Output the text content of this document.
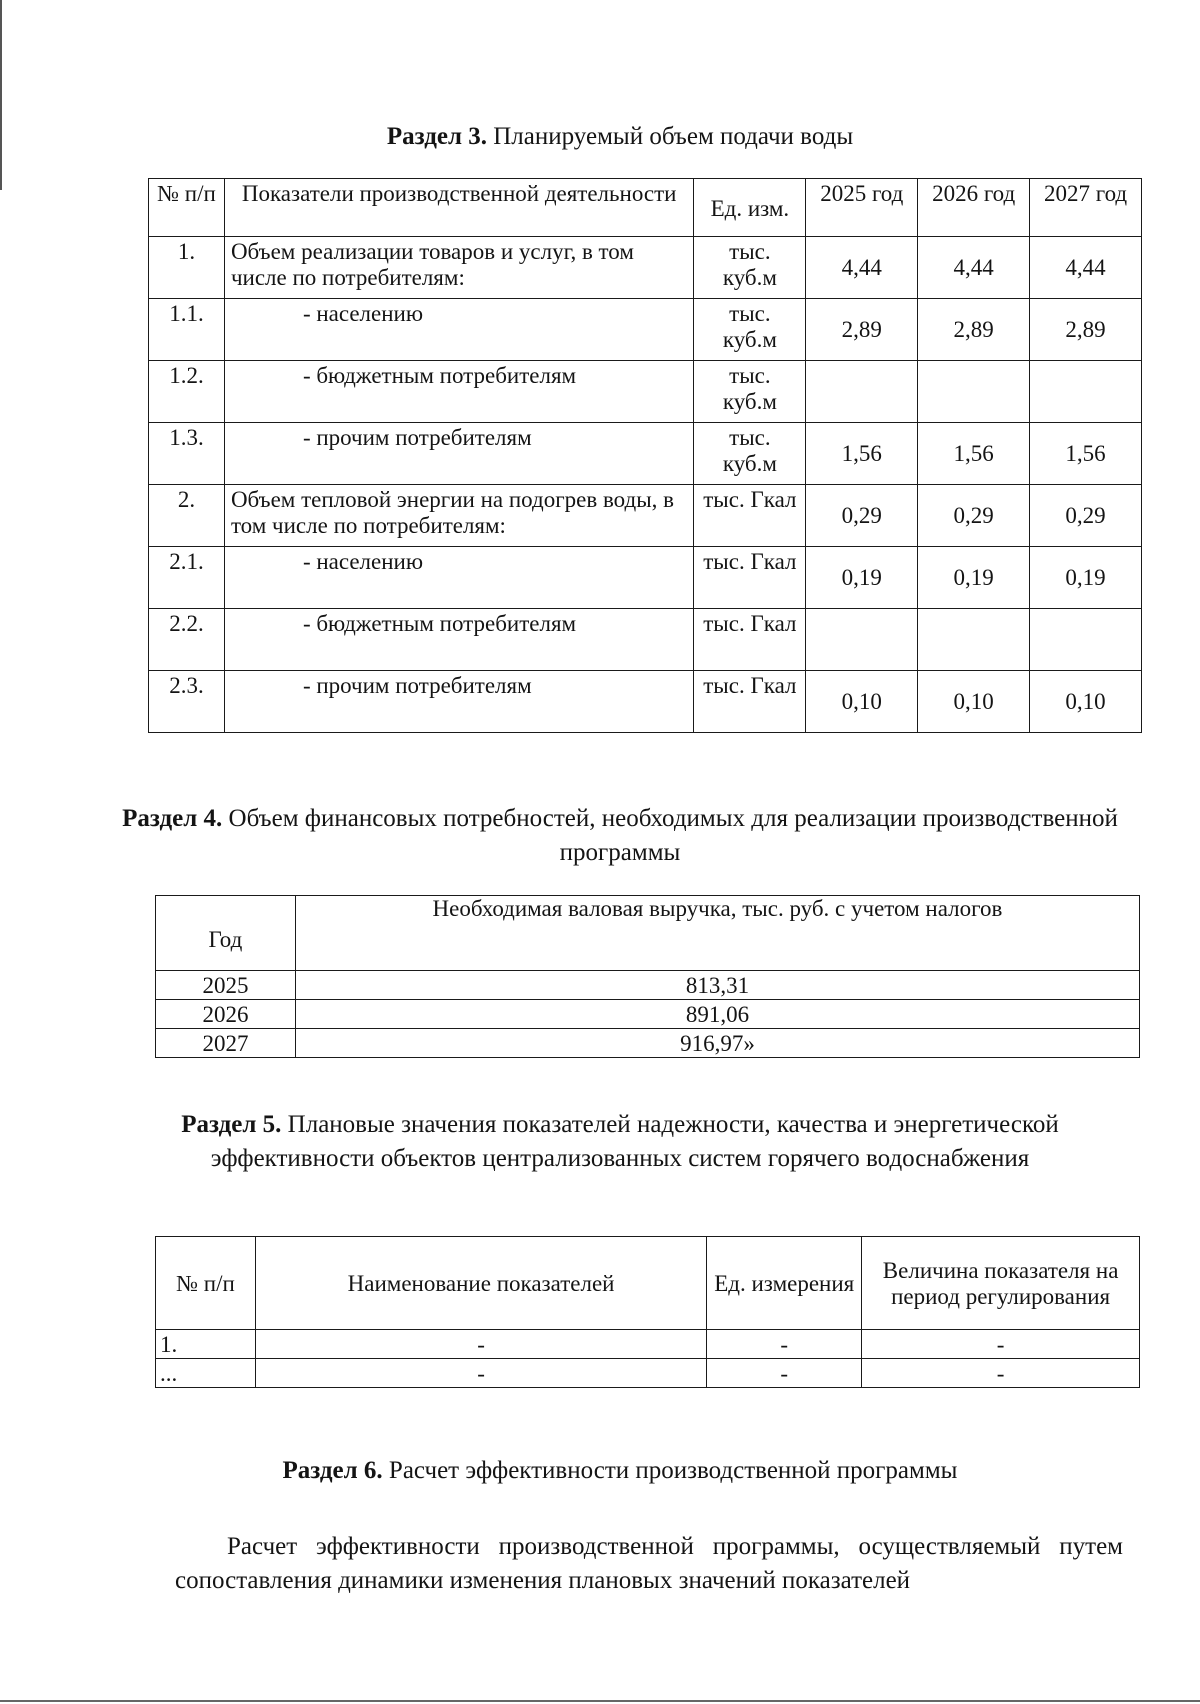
Раздел 3. Планируемый объем подачи воды
№ п/п	Показатели производственной деятельности	Ед. изм.	2025 год	2026 год	2027 год
1.	Объем реализации товаров и услуг, в том числе по потребителям:	тыс. куб.м	4,44	4,44	4,44
1.1.	- населению	тыс. куб.м	2,89	2,89	2,89
1.2.	- бюджетным потребителям	тыс. куб.м			
1.3.	- прочим потребителям	тыс. куб.м	1,56	1,56	1,56
2.	Объем тепловой энергии на подогрев воды, в том числе по потребителям:	тыс. Гкал	0,29	0,29	0,29
2.1.	- населению	тыс. Гкал	0,19	0,19	0,19
2.2.	- бюджетным потребителям	тыс. Гкал			
2.3.	- прочим потребителям	тыс. Гкал	0,10	0,10	0,10
Раздел 4. Объем финансовых потребностей, необходимых для реализации производственной программы
Год	Необходимая валовая выручка, тыс. руб. с учетом налогов
2025	813,31
2026	891,06
2027	916,97»
Раздел 5. Плановые значения показателей надежности, качества и энергетической эффективности объектов централизованных систем горячего водоснабжения
№ п/п	Наименование показателей	Ед. измерения	Величина показателя на период регулирования
1.	-	-	-
...	-	-	-
Раздел 6. Расчет эффективности производственной программы
Расчет эффективности производственной программы, осуществляемый путем сопоставления динамики изменения плановых значений показателей
